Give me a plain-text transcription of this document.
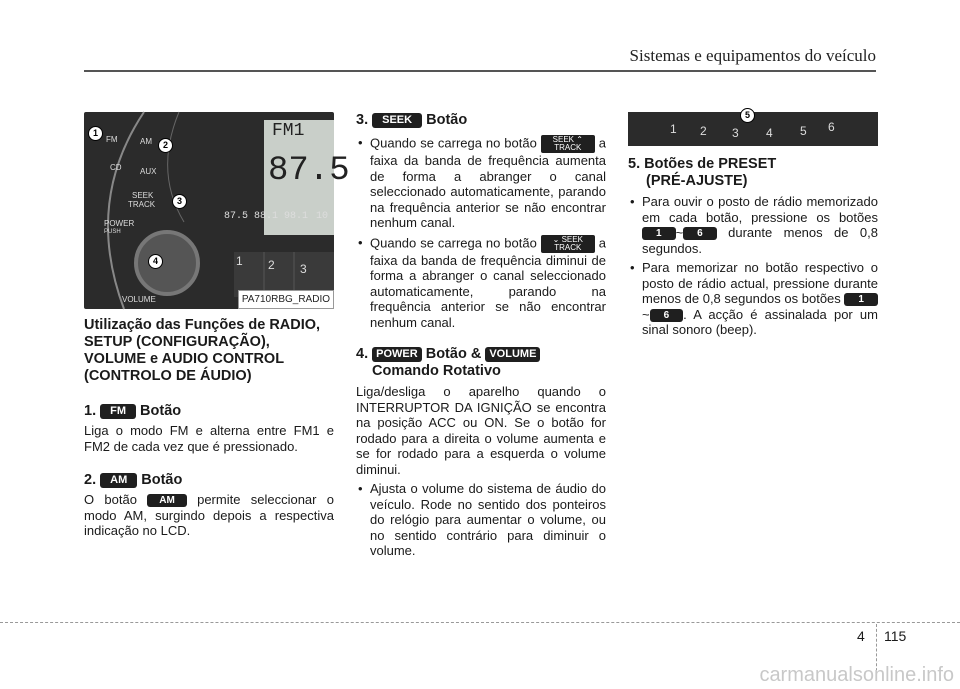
Sistemas e equipamentos do veículo
FM1
87.5
87.5 88.1 98.1 10
FM	AM
CD AUX
SEEK
TRACK
POWER
PUSH
VOLUME
1 2 3
1
2
3
4
PA710RBG_RADIO

Utilização das Funções de RADIO, SETUP (CONFIGURAÇÃO), VOLUME e AUDIO CONTROL (CONTROLO DE ÁUDIO)

1. FM Botão

Liga o modo FM e alterna entre FM1 e FM2 de cada vez que é pressionado.

2. AM Botão

O botão AM permite seleccionar o modo AM, surgindo depois a respectiva indicação no LCD.

3. SEEK Botão

• Quando se carrega no botão SEEK ⌃
TRACK a faixa da banda de frequência aumenta de forma a abranger o canal seleccionado automaticamente, parando na frequência anterior se não encontrar nenhum canal.

• Quando se carrega no botão ⌄ SEEK
TRACK a faixa da banda de frequência diminui de forma a abranger o canal seleccionado automaticamente, parando na frequência anterior se não encontrar nenhum canal.

4. POWER Botão & VOLUME

Comando Rotativo

Liga/desliga o aparelho quando o INTERRUPTOR DA IGNIÇÃO se encontra na posição ACC ou ON. Se o botão for rodado para a direita o volume aumenta e se for rodado para a esquerda o volume diminui.

• Ajusta o volume do sistema de áudio do veículo. Rode no sentido dos ponteiros do relógio para aumentar o volume, ou no sentido contrário para diminuir o volume.

1 2 3 4 5 6
5

5. Botões de PRESET

(PRÉ-AJUSTE)

• Para ouvir o posto de rádio memorizado em cada botão, pressione os botões 1 ~ 6 durante menos de 0,8 segundos.

• Para memorizar no botão respectivo o posto de rádio actual, pressione durante menos de 0,8 segundos os botões 1~ 6 . A acção é assinalada por um sinal sonoro (beep).

4 115
carmanualsonline.info
